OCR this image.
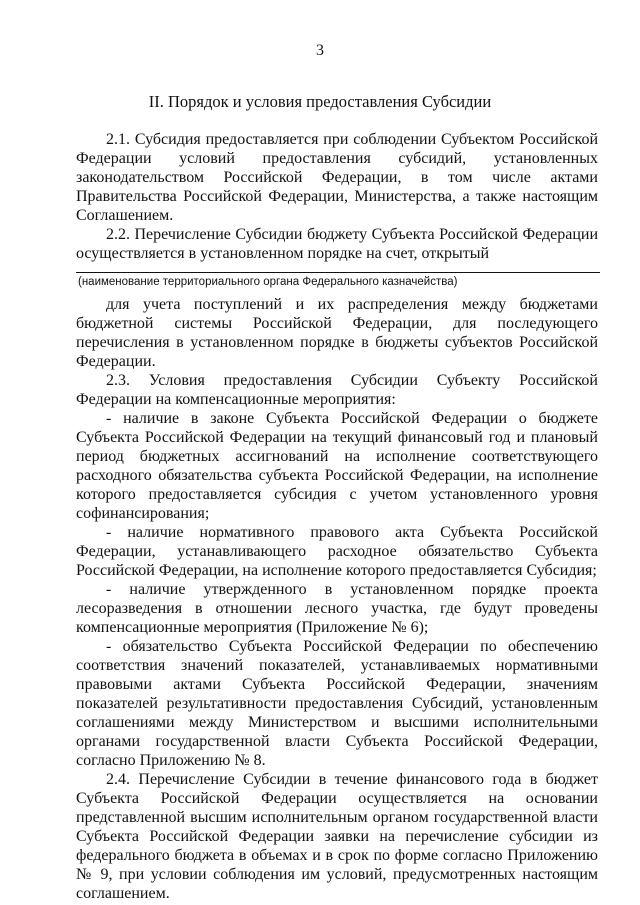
3
II. Порядок и условия предоставления Субсидии

2.1. Субсидия предоставляется при соблюдении Субъектом Российской Федерации условий предоставления субсидий, установленных законодательством Российской Федерации, в том числе актами Правительства Российской Федерации, Министерства, а также настоящим Соглашением.

2.2. Перечисление Субсидии бюджету Субъекта Российской Федерации осуществляется в установленном порядке на счет, открытый

(наименование территориального органа Федерального казначейства)

для учета поступлений и их распределения между бюджетами бюджетной системы Российской Федерации, для последующего перечисления в установленном порядке в бюджеты субъектов Российской Федерации.

2.3. Условия предоставления Субсидии Субъекту Российской Федерации на компенсационные мероприятия:

- наличие в законе Субъекта Российской Федерации о бюджете Субъекта Российской Федерации на текущий финансовый год и плановый период бюджетных ассигнований на исполнение соответствующего расходного обязательства субъекта Российской Федерации, на исполнение которого предоставляется субсидия с учетом установленного уровня софинансирования;

- наличие нормативного правового акта Субъекта Российской Федерации, устанавливающего расходное обязательство Субъекта Российской Федерации, на исполнение которого предоставляется Субсидия;

- наличие утвержденного в установленном порядке проекта лесоразведения в отношении лесного участка, где будут проведены компенсационные мероприятия (Приложение № 6);

- обязательство Субъекта Российской Федерации по обеспечению соответствия значений показателей, устанавливаемых нормативными правовыми актами Субъекта Российской Федерации, значениям показателей результативности предоставления Субсидий, установленным соглашениями между Министерством и высшими исполнительными органами государственной власти Субъекта Российской Федерации, согласно Приложению № 8.

2.4. Перечисление Субсидии в течение финансового года в бюджет Субъекта Российской Федерации осуществляется на основании представленной высшим исполнительным органом государственной власти Субъекта Российской Федерации заявки на перечисление субсидии из федерального бюджета в объемах и в срок по форме согласно Приложению № 9, при условии соблюдения им условий, предусмотренных настоящим соглашением.
